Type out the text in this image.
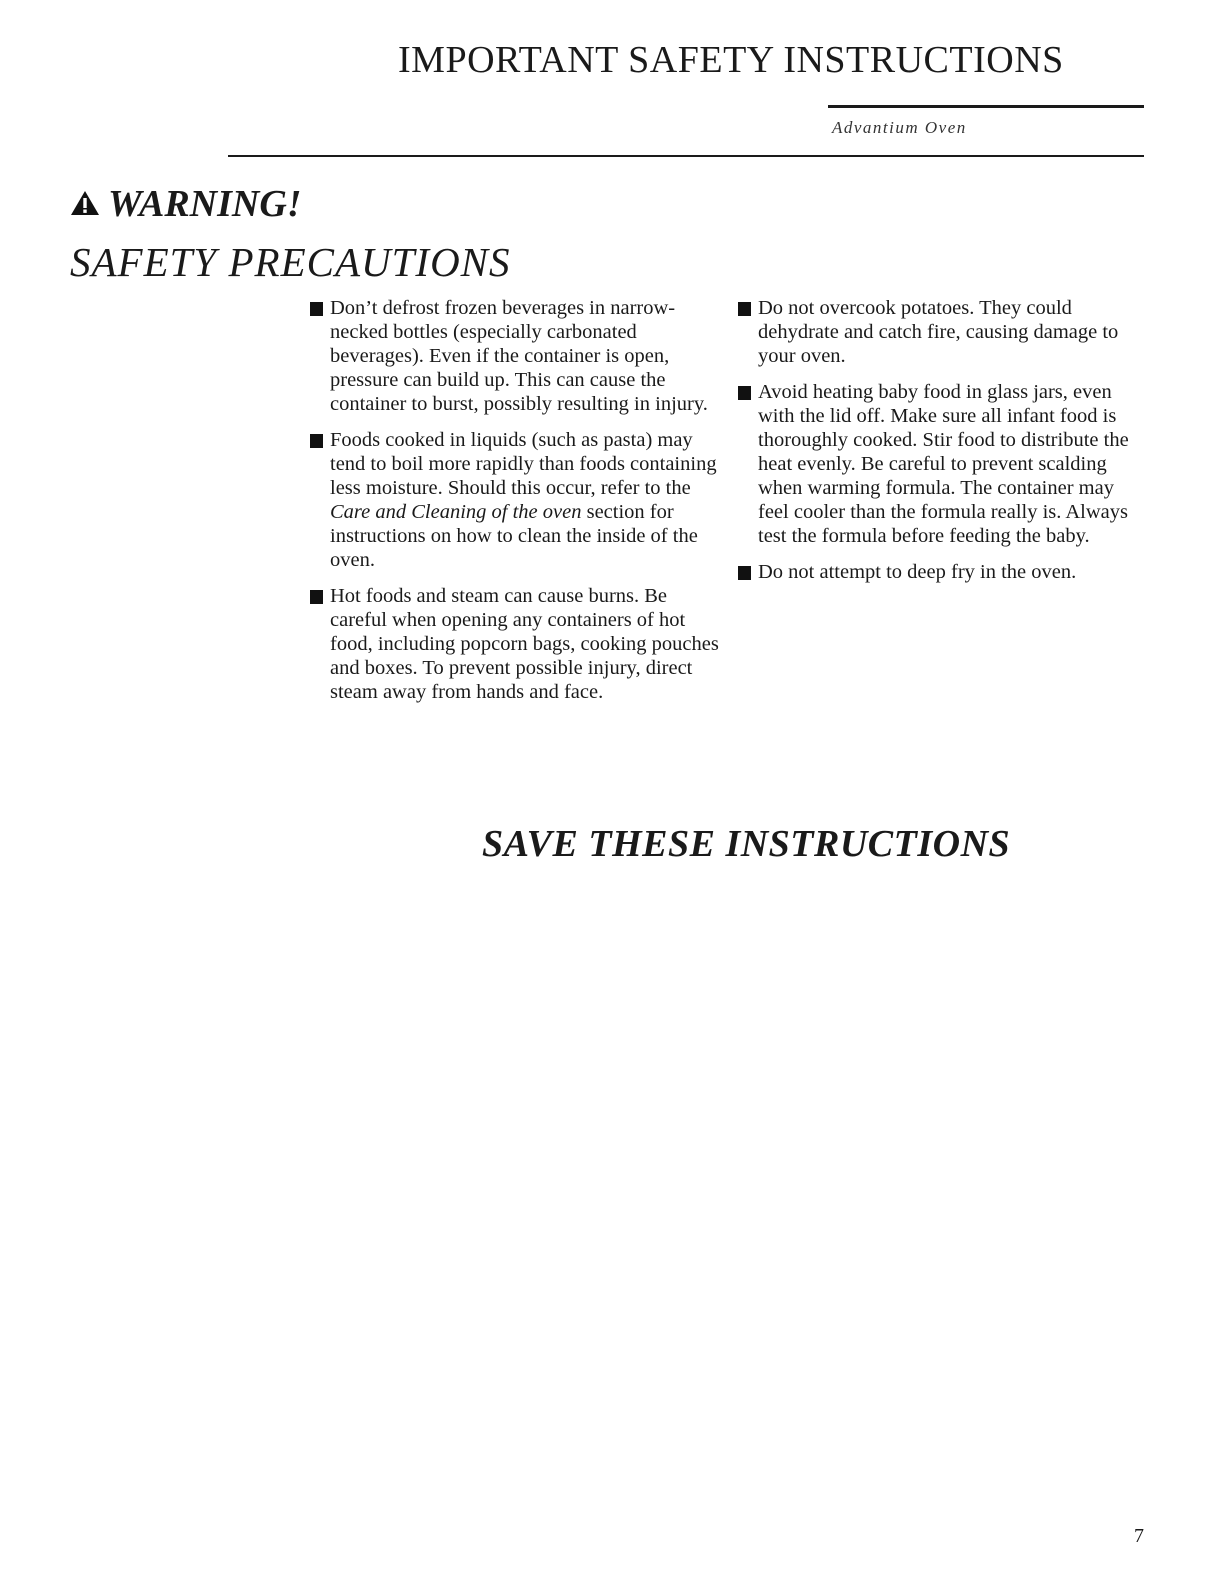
IMPORTANT SAFETY INSTRUCTIONS
Advantium Oven
WARNING!
SAFETY PRECAUTIONS
Don’t defrost frozen beverages in narrow-necked bottles (especially carbonated beverages). Even if the container is open, pressure can build up. This can cause the container to burst, possibly resulting in injury.
Foods cooked in liquids (such as pasta) may tend to boil more rapidly than foods containing less moisture. Should this occur, refer to the Care and Cleaning of the oven section for instructions on how to clean the inside of the oven.
Hot foods and steam can cause burns. Be careful when opening any containers of hot food, including popcorn bags, cooking pouches and boxes. To prevent possible injury, direct steam away from hands and face.
Do not overcook potatoes. They could dehydrate and catch fire, causing damage to your oven.
Avoid heating baby food in glass jars, even with the lid off. Make sure all infant food is thoroughly cooked. Stir food to distribute the heat evenly. Be careful to prevent scalding when warming formula. The container may feel cooler than the formula really is. Always test the formula before feeding the baby.
Do not attempt to deep fry in the oven.
SAVE THESE INSTRUCTIONS
7
